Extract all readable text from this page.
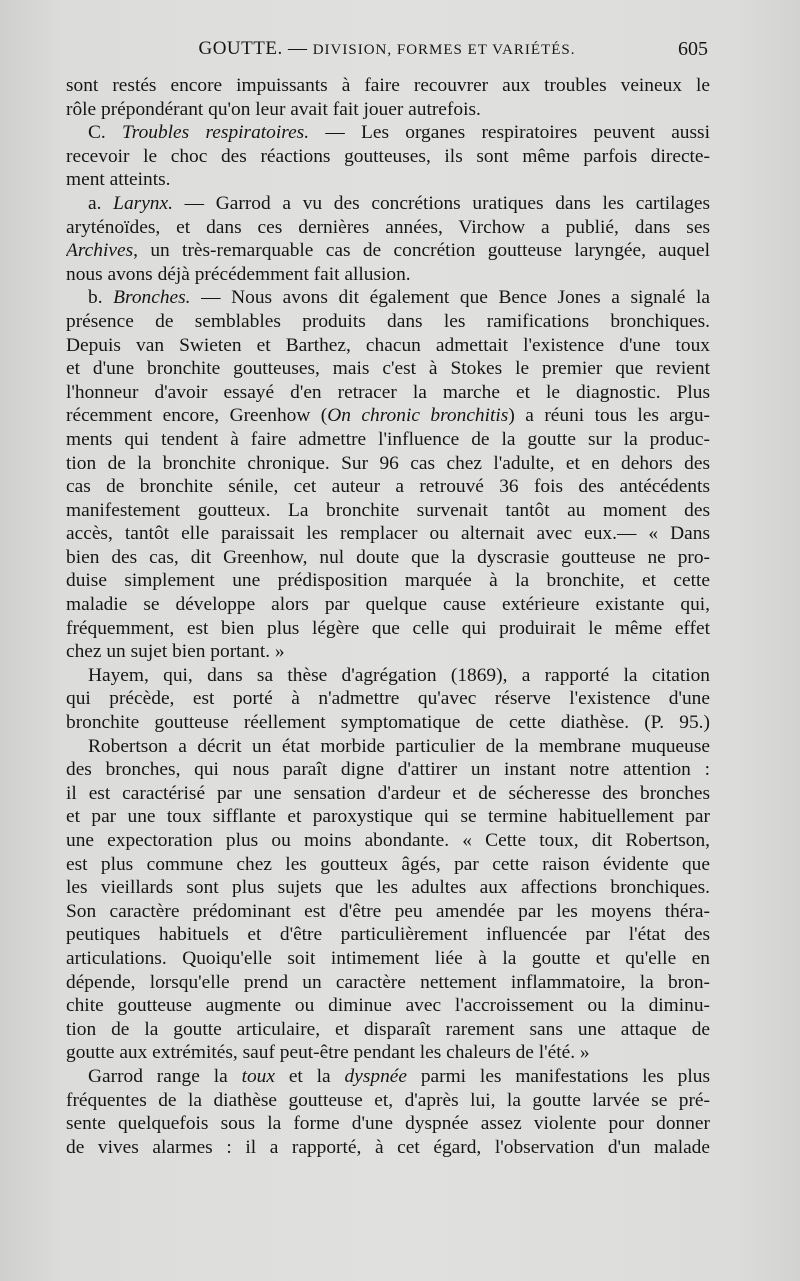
GOUTTE. — DIVISION, FORMES ET VARIÉTÉS.	605
sont restés encore impuissants à faire recouvrer aux troubles veineux le
rôle prépondérant qu'on leur avait fait jouer autrefois.
C. Troubles respiratoires. — Les organes respiratoires peuvent aussi
recevoir le choc des réactions goutteuses, ils sont même parfois directe-
ment atteints.
a. Larynx. — Garrod a vu des concrétions uratiques dans les cartilages
aryténoïdes, et dans ces dernières années, Virchow a publié, dans ses
Archives, un très-remarquable cas de concrétion goutteuse laryngée, auquel
nous avons déjà précédemment fait allusion.
b. Bronches. — Nous avons dit également que Bence Jones a signalé la
présence de semblables produits dans les ramifications bronchiques.
Depuis van Swieten et Barthez, chacun admettait l'existence d'une toux
et d'une bronchite goutteuses, mais c'est à Stokes le premier que revient
l'honneur d'avoir essayé d'en retracer la marche et le diagnostic. Plus
récemment encore, Greenhow (On chronic bronchitis) a réuni tous les argu-
ments qui tendent à faire admettre l'influence de la goutte sur la produc-
tion de la bronchite chronique. Sur 96 cas chez l'adulte, et en dehors des
cas de bronchite sénile, cet auteur a retrouvé 36 fois des antécédents
manifestement goutteux. La bronchite survenait tantôt au moment des
accès, tantôt elle paraissait les remplacer ou alternait avec eux.— « Dans
bien des cas, dit Greenhow, nul doute que la dyscrasie goutteuse ne pro-
duise simplement une prédisposition marquée à la bronchite, et cette
maladie se développe alors par quelque cause extérieure existante qui,
fréquemment, est bien plus légère que celle qui produirait le même effet
chez un sujet bien portant. »
Hayem, qui, dans sa thèse d'agrégation (1869), a rapporté la citation
qui précède, est porté à n'admettre qu'avec réserve l'existence d'une
bronchite goutteuse réellement symptomatique de cette diathèse. (P. 95.)
Robertson a décrit un état morbide particulier de la membrane muqueuse
des bronches, qui nous paraît digne d'attirer un instant notre attention :
il est caractérisé par une sensation d'ardeur et de sécheresse des bronches
et par une toux sifflante et paroxystique qui se termine habituellement par
une expectoration plus ou moins abondante. « Cette toux, dit Robertson,
est plus commune chez les goutteux âgés, par cette raison évidente que
les vieillards sont plus sujets que les adultes aux affections bronchiques.
Son caractère prédominant est d'être peu amendée par les moyens théra-
peutiques habituels et d'être particulièrement influencée par l'état des
articulations. Quoiqu'elle soit intimement liée à la goutte et qu'elle en
dépende, lorsqu'elle prend un caractère nettement inflammatoire, la bron-
chite goutteuse augmente ou diminue avec l'accroissement ou la diminu-
tion de la goutte articulaire, et disparaît rarement sans une attaque de
goutte aux extrémités, sauf peut-être pendant les chaleurs de l'été. »
Garrod range la toux et la dyspnée parmi les manifestations les plus
fréquentes de la diathèse goutteuse et, d'après lui, la goutte larvée se pré-
sente quelquefois sous la forme d'une dyspnée assez violente pour donner
de vives alarmes : il a rapporté, à cet égard, l'observation d'un malade
